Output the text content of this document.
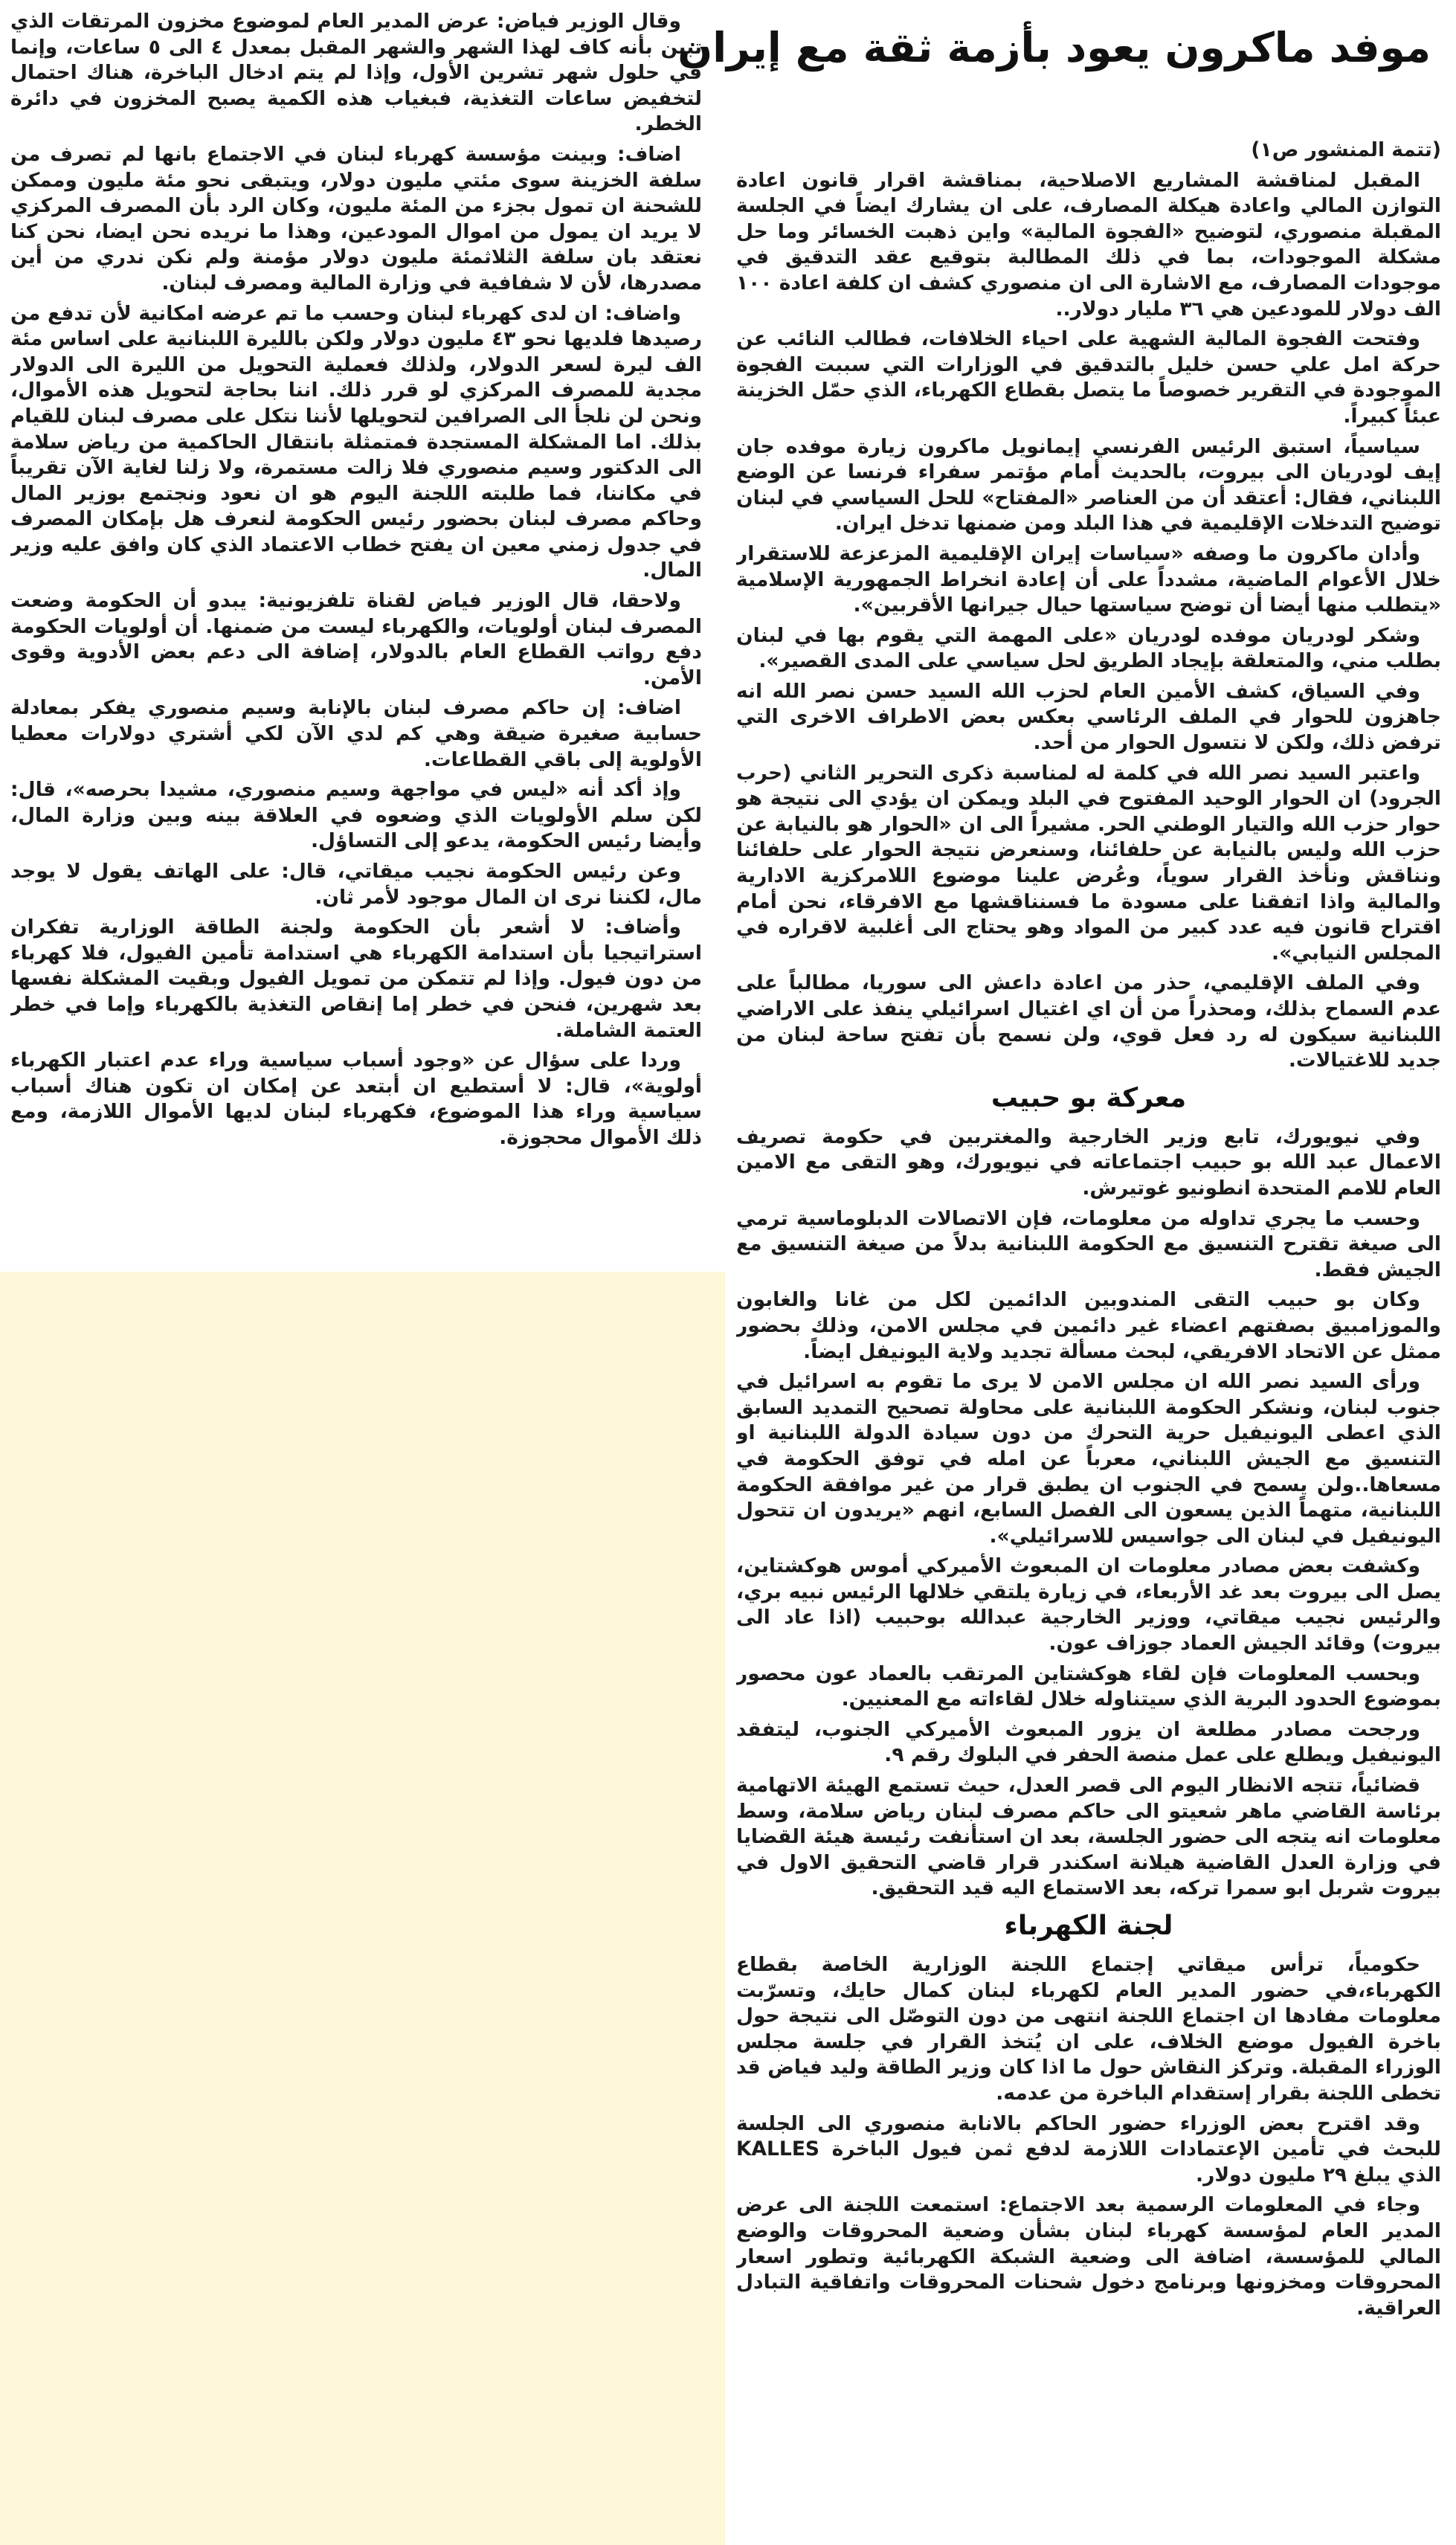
وقال الوزير فياض: عرض المدير العام لموضوع مخزون المرتقات الذي تبين بأنه كاف لهذا الشهر والشهر المقبل بمعدل ٤ الى ٥ ساعات، وإنما في حلول شهر تشرين الأول، وإذا لم يتم ادخال الباخرة، هناك احتمال لتخفيض ساعات التغذية، فبغياب هذه الكمية يصبح المخزون في دائرة الخطر.

اضاف: وبينت مؤسسة كهرباء لبنان في الاجتماع بانها لم تصرف من سلفة الخزينة سوى مئتي مليون دولار، ويتبقى نحو مئة مليون وممكن للشحنة ان تمول بجزء من المئة مليون، وكان الرد بأن المصرف المركزي لا يريد ان يمول من اموال المودعين، وهذا ما نريده نحن ايضا، نحن كنا نعتقد بان سلفة الثلاثمئة مليون دولار مؤمنة ولم نكن ندري من أين مصدرها، لأن لا شفافية في وزارة المالية ومصرف لبنان.

واضاف: ان لدى كهرباء لبنان وحسب ما تم عرضه امكانية لأن تدفع من رصيدها فلديها نحو ٤٣ مليون دولار ولكن بالليرة اللبنانية على اساس مئة الف ليرة لسعر الدولار، ولذلك فعملية التحويل من الليرة الى الدولار مجدية للمصرف المركزي لو قرر ذلك. اننا بحاجة لتحويل هذه الأموال، ونحن لن نلجأ الى الصرافين لتحويلها لأننا نتكل على مصرف لبنان للقيام بذلك. اما المشكلة المستجدة فمتمثلة بانتقال الحاكمية من رياض سلامة الى الدكتور وسيم منصوري فلا زالت مستمرة، ولا زلنا لغاية الآن تقريباً في مكاننا، فما طلبته اللجنة اليوم هو ان نعود ونجتمع بوزير المال وحاكم مصرف لبنان بحضور رئيس الحكومة لنعرف هل بإمكان المصرف في جدول زمني معين ان يفتح خطاب الاعتماد الذي كان وافق عليه وزير المال.

ولاحقا، قال الوزير فياض لقناة تلفزيونية: يبدو أن الحكومة وضعت المصرف لبنان أولويات، والكهرباء ليست من ضمنها. أن أولويات الحكومة دفع رواتب القطاع العام بالدولار، إضافة الى دعم بعض الأدوية وقوى الأمن.

اضاف: إن حاكم مصرف لبنان بالإنابة وسيم منصوري يفكر بمعادلة حسابية صغيرة ضيقة وهي كم لدي الآن لكي أشتري دولارات معطيا الأولوية إلى باقي القطاعات.

وإذ أكد أنه «ليس في مواجهة وسيم منصوري، مشيدا بحرصه»، قال: لكن سلم الأولويات الذي وضعوه في العلاقة بينه وبين وزارة المال، وأيضا رئيس الحكومة، يدعو إلى التساؤل.

وعن رئيس الحكومة نجيب ميقاتي، قال: على الهاتف يقول لا يوجد مال، لكننا نرى ان المال موجود لأمر ثان.

وأضاف: لا أشعر بأن الحكومة ولجنة الطاقة الوزارية تفكران استراتيجيا بأن استدامة الكهرباء هي استدامة تأمين الفيول، فلا كهرباء من دون فيول. وإذا لم تتمكن من تمويل الفيول وبقيت المشكلة نفسها بعد شهرين، فنحن في خطر إما إنقاص التغذية بالكهرباء وإما في خطر العتمة الشاملة.

وردا على سؤال عن «وجود أسباب سياسية وراء عدم اعتبار الكهرباء أولوية»، قال: لا أستطيع ان أبتعد عن إمكان ان تكون هناك أسباب سياسية وراء هذا الموضوع، فكهرباء لبنان لديها الأموال اللازمة، ومع ذلك الأموال محجوزة.

موفد ماكرون يعود بأزمة ثقة مع إيران

(تتمة المنشور ص١)

المقبل لمناقشة المشاريع الاصلاحية، بمناقشة اقرار قانون اعادة التوازن المالي واعادة هيكلة المصارف، على ان يشارك ايضاً في الجلسة المقبلة منصوري، لتوضيح «الفجوة المالية» واين ذهبت الخسائر وما حل مشكلة الموجودات، بما في ذلك المطالبة بتوقيع عقد التدقيق في موجودات المصارف، مع الاشارة الى ان منصوري كشف ان كلفة اعادة ١٠٠ الف دولار للمودعين هي ٣٦ مليار دولار..

وفتحت الفجوة المالية الشهية على احياء الخلافات، فطالب النائب عن حركة امل علي حسن خليل بالتدقيق في الوزارات التي سببت الفجوة الموجودة في التقرير خصوصاً ما يتصل بقطاع الكهرباء، الذي حمّل الخزينة عبئاً كبيراً.

سياسياً، استبق الرئيس الفرنسي إيمانويل ماكرون زيارة موفده جان إيف لودريان الى بيروت، بالحديث أمام مؤتمر سفراء فرنسا عن الوضع اللبناني، فقال: أعتقد أن من العناصر «المفتاح» للحل السياسي في لبنان توضيح التدخلات الإقليمية في هذا البلد ومن ضمنها تدخل ايران.

وأدان ماكرون ما وصفه «سياسات إيران الإقليمية المزعزعة للاستقرار خلال الأعوام الماضية، مشدداً على أن إعادة انخراط الجمهورية الإسلامية «يتطلب منها أيضا أن توضح سياستها حيال جيرانها الأقربين».

وشكر لودريان موفده لودريان «على المهمة التي يقوم بها في لبنان بطلب مني، والمتعلقة بإيجاد الطريق لحل سياسي على المدى القصير».

وفي السياق، كشف الأمين العام لحزب الله السيد حسن نصر الله انه جاهزون للحوار في الملف الرئاسي بعكس بعض الاطراف الاخرى التي ترفض ذلك، ولكن لا نتسول الحوار من أحد.

واعتبر السيد نصر الله في كلمة له لمناسبة ذكرى التحرير الثاني (حرب الجرود) ان الحوار الوحيد المفتوح في البلد ويمكن ان يؤدي الى نتيجة هو حوار حزب الله والتيار الوطني الحر. مشيراً الى ان «الحوار هو بالنيابة عن حزب الله وليس بالنيابة عن حلفائنا، وسنعرض نتيجة الحوار على حلفائنا ونناقش ونأخذ القرار سوياً، وعُرض علينا موضوع اللامركزية الادارية والمالية واذا اتفقنا على مسودة ما فسنناقشها مع الافرقاء، نحن أمام اقتراح قانون فيه عدد كبير من المواد وهو يحتاج الى أغلبية لاقراره في المجلس النيابي».

وفي الملف الإقليمي، حذر من اعادة داعش الى سوريا، مطالباً على عدم السماح بذلك، ومحذراً من أن اي اغتيال اسرائيلي ينفذ على الاراضي اللبنانية سيكون له رد فعل قوي، ولن نسمح بأن تفتح ساحة لبنان من جديد للاغتيالات.

معركة بو حبيب

وفي نيويورك، تابع وزير الخارجية والمغتربين في حكومة تصريف الاعمال عبد الله بو حبيب اجتماعاته في نيويورك، وهو التقى مع الامين العام للامم المتحدة انطونيو غوتيرش.

وحسب ما يجري تداوله من معلومات، فإن الاتصالات الدبلوماسية ترمي الى صيغة تقترح التنسيق مع الحكومة اللبنانية بدلاً من صيغة التنسيق مع الجيش فقط.

وكان بو حبيب التقى المندوبين الدائمين لكل من غانا والغابون والموزامبيق بصفتهم اعضاء غير دائمين في مجلس الامن، وذلك بحضور ممثل عن الاتحاد الافريقي، لبحث مسألة تجديد ولاية اليونيفل ايضاً.

ورأى السيد نصر الله ان مجلس الامن لا يرى ما تقوم به اسرائيل في جنوب لبنان، ونشكر الحكومة اللبنانية على محاولة تصحيح التمديد السابق الذي اعطى اليونيفيل حرية التحرك من دون سيادة الدولة اللبنانية او التنسيق مع الجيش اللبناني، معرباً عن امله في توفق الحكومة في مسعاها..ولن يسمح في الجنوب ان يطبق قرار من غير موافقة الحكومة اللبنانية، متهماً الذين يسعون الى الفصل السابع، انهم «يريدون ان تتحول اليونيفيل في لبنان الى جواسيس للاسرائيلي».

وكشفت بعض مصادر معلومات ان المبعوث الأميركي أموس هوكشتاين، يصل الى بيروت بعد غد الأربعاء، في زيارة يلتقي خلالها الرئيس نبيه بري، والرئيس نجيب ميقاتي، ووزير الخارجية عبدالله بوحبيب (اذا عاد الى بيروت) وقائد الجيش العماد جوزاف عون.

وبحسب المعلومات فإن لقاء هوكشتاين المرتقب بالعماد عون محصور بموضوع الحدود البرية الذي سيتناوله خلال لقاءاته مع المعنيين.

ورجحت مصادر مطلعة ان يزور المبعوث الأميركي الجنوب، ليتفقد اليونيفيل ويطلع على عمل منصة الحفر في البلوك رقم ٩.

قضائياً، تتجه الانظار اليوم الى قصر العدل، حيث تستمع الهيئة الاتهامية برئاسة القاضي ماهر شعيتو الى حاكم مصرف لبنان رياض سلامة، وسط معلومات انه يتجه الى حضور الجلسة، بعد ان استأنفت رئيسة هيئة القضايا في وزارة العدل القاضية هيلانة اسكندر قرار قاضي التحقيق الاول في بيروت شربل ابو سمرا تركه، بعد الاستماع اليه قيد التحقيق.

لجنة الكهرباء

حكومياً، ترأس ميقاتي إجتماع اللجنة الوزارية الخاصة بقطاع الكهرباء،في حضور المدير العام لكهرباء لبنان كمال حايك، وتسرّبت معلومات مفادها ان اجتماع اللجنة انتهى من دون التوصّل الى نتيجة حول باخرة الفيول موضع الخلاف، على ان يُتخذ القرار في جلسة مجلس الوزراء المقبلة. وتركز النقاش حول ما اذا كان وزير الطاقة وليد فياض قد تخطى اللجنة بقرار إستقدام الباخرة من عدمه.

وقد اقترح بعض الوزراء حضور الحاكم بالانابة منصوري الى الجلسة للبحث في تأمين الإعتمادات اللازمة لدفع ثمن فيول الباخرة KALLES الذي يبلغ ٢٩ مليون دولار.

وجاء في المعلومات الرسمية بعد الاجتماع: استمعت اللجنة الى عرض المدير العام لمؤسسة كهرباء لبنان بشأن وضعية المحروقات والوضع المالي للمؤسسة، اضافة الى وضعية الشبكة الكهربائية وتطور اسعار المحروقات ومخزونها وبرنامج دخول شحنات المحروقات واتفاقية التبادل العراقية.
